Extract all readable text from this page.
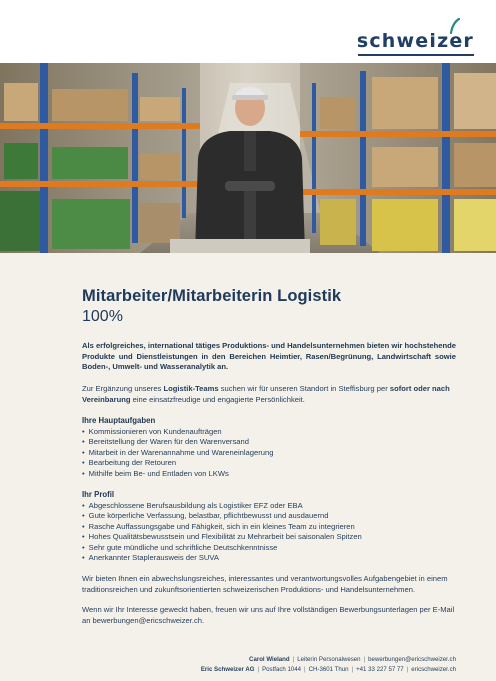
schweizer
Mitarbeiter/Mitarbeiterin Logistik
100%
Als erfolgreiches, international tätiges Produktions- und Handelsunternehmen bieten wir hochstehende Produkte und Dienstleistungen in den Bereichen Heimtier, Rasen/Begrünung, Landwirtschaft sowie Boden-, Umwelt- und Wasseranalytik an.
Zur Ergänzung unseres Logistik-Teams suchen wir für unseren Standort in Steffisburg per sofort oder nach Vereinbarung eine einsatzfreudige und engagierte Persönlichkeit.
Ihre Hauptaufgaben
• Kommissionieren von Kundenaufträgen
• Bereitstellung der Waren für den Warenversand
• Mitarbeit in der Warenannahme und Wareneinlagerung
• Bearbeitung der Retouren
• Mithilfe beim Be- und Entladen von LKWs
Ihr Profil
• Abgeschlossene Berufsausbildung als Logistiker EFZ oder EBA
• Gute körperliche Verfassung, belastbar, pflichtbewusst und ausdauernd
• Rasche Auffassungsgabe und Fähigkeit, sich in ein kleines Team zu integrieren
• Hohes Qualitätsbewusstsein und Flexibilität zu Mehrarbeit bei saisonalen Spitzen
• Sehr gute mündliche und schriftliche Deutschkenntnisse
• Anerkannter Staplerausweis der SUVA
Wir bieten Ihnen ein abwechslungsreiches, interessantes und verantwortungsvolles Aufgabengebiet in einem traditionsreichen und zukunftsorientierten schweizerischen Produktions- und Handelsunternehmen.
Wenn wir Ihr Interesse geweckt haben, freuen wir uns auf Ihre vollständigen Bewerbungsunterlagen per E-Mail an bewerbungen@ericschweizer.ch.
Carol Wieland | Leiterin Personalwesen | bewerbungen@ericschweizer.ch
Eric Schweizer AG | Postfach 1044 | CH-3601 Thun | +41 33 227 57 77 | ericschweizer.ch
